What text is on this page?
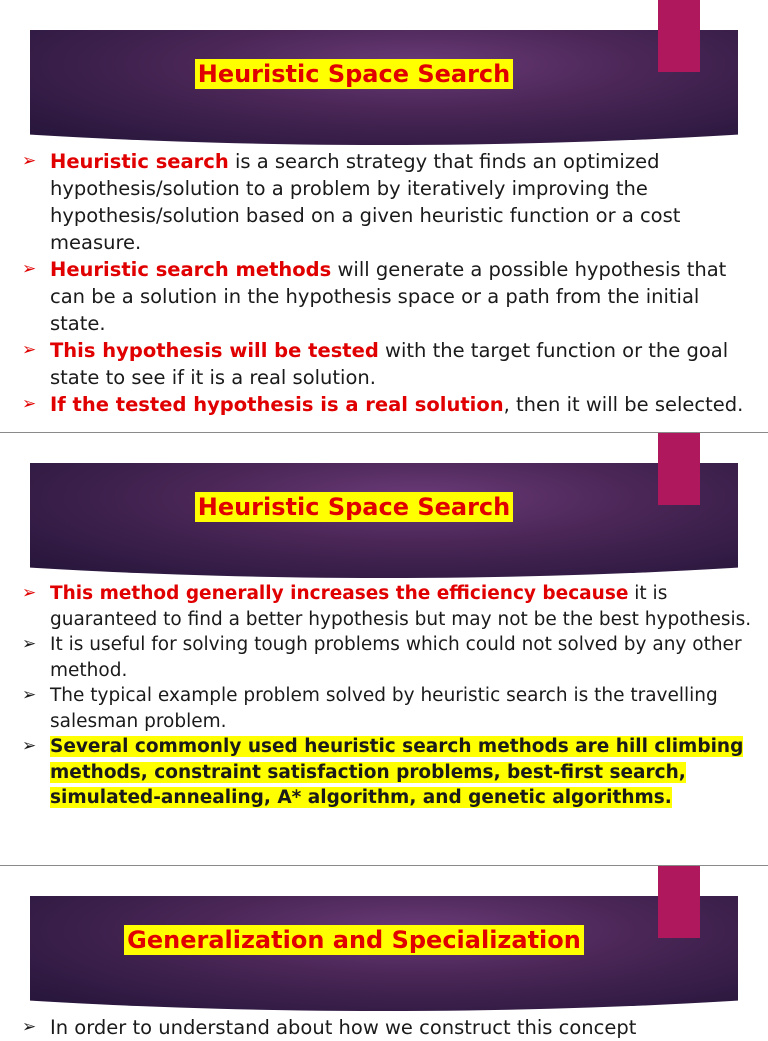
Heuristic Space Search
➢ Heuristic search is a search strategy that finds an optimized hypothesis/solution to a problem by iteratively improving the hypothesis/solution based on a given heuristic function or a cost measure.
➢ Heuristic search methods will generate a possible hypothesis that can be a solution in the hypothesis space or a path from the initial state.
➢ This hypothesis will be tested with the target function or the goal state to see if it is a real solution.
➢ If the tested hypothesis is a real solution, then it will be selected.
Heuristic Space Search
➢ This method generally increases the efficiency because it is guaranteed to find a better hypothesis but may not be the best hypothesis.
➢ It is useful for solving tough problems which could not solved by any other method.
➢ The typical example problem solved by heuristic search is the travelling salesman problem.
➢ Several commonly used heuristic search methods are hill climbing methods, constraint satisfaction problems, best-first search, simulated-annealing, A* algorithm, and genetic algorithms.
Generalization and Specialization
➢ In order to understand about how we construct this concept
